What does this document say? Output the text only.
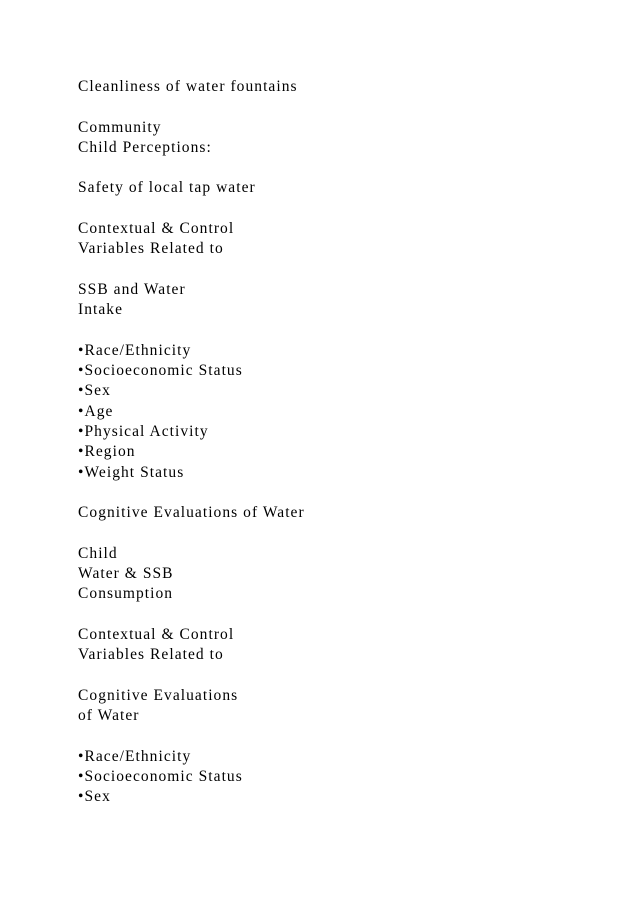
Cleanliness of water fountains
Community
Child Perceptions:
Safety of local tap water
Contextual & Control
Variables Related to
SSB and Water
Intake
•Race/Ethnicity
•Socioeconomic Status
•Sex
•Age
•Physical Activity
•Region
•Weight Status
Cognitive Evaluations of Water
Child
Water & SSB
Consumption
Contextual & Control
Variables Related to
Cognitive Evaluations
of Water
•Race/Ethnicity
•Socioeconomic Status
•Sex
